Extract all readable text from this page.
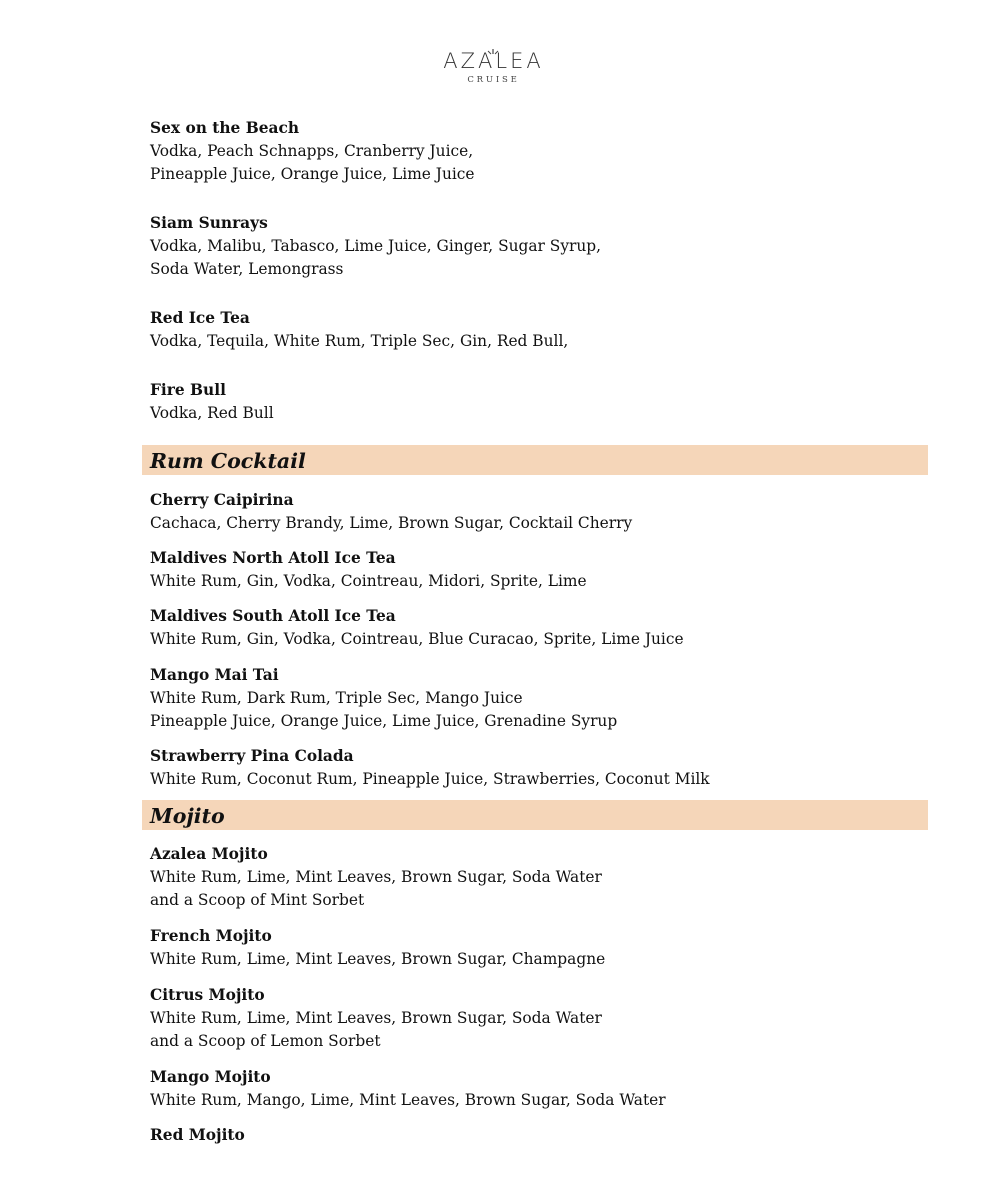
AZALEA
CRUISE
Sex on the Beach
Vodka, Peach Schnapps, Cranberry Juice,
Pineapple Juice, Orange Juice, Lime Juice
Siam Sunrays
Vodka, Malibu, Tabasco, Lime Juice, Ginger, Sugar Syrup,
Soda Water, Lemongrass
Red Ice Tea
Vodka, Tequila, White Rum, Triple Sec, Gin, Red Bull,
Fire Bull
Vodka, Red Bull
Rum Cocktail
Cherry Caipirina
Cachaca, Cherry Brandy, Lime, Brown Sugar, Cocktail Cherry
Maldives North Atoll Ice Tea
White Rum, Gin, Vodka, Cointreau, Midori, Sprite, Lime
Maldives South Atoll Ice Tea
White Rum, Gin, Vodka, Cointreau, Blue Curacao, Sprite, Lime Juice
Mango Mai Tai
White Rum, Dark Rum, Triple Sec, Mango Juice
Pineapple Juice, Orange Juice, Lime Juice, Grenadine Syrup
Strawberry Pina Colada
White Rum, Coconut Rum, Pineapple Juice, Strawberries, Coconut Milk
Mojito
Azalea Mojito
White Rum, Lime, Mint Leaves, Brown Sugar, Soda Water
and a Scoop of Mint Sorbet
French Mojito
White Rum, Lime, Mint Leaves, Brown Sugar, Champagne
Citrus Mojito
White Rum, Lime, Mint Leaves, Brown Sugar, Soda Water
and a Scoop of Lemon Sorbet
Mango Mojito
White Rum, Mango, Lime, Mint Leaves, Brown Sugar, Soda Water
Red Mojito
